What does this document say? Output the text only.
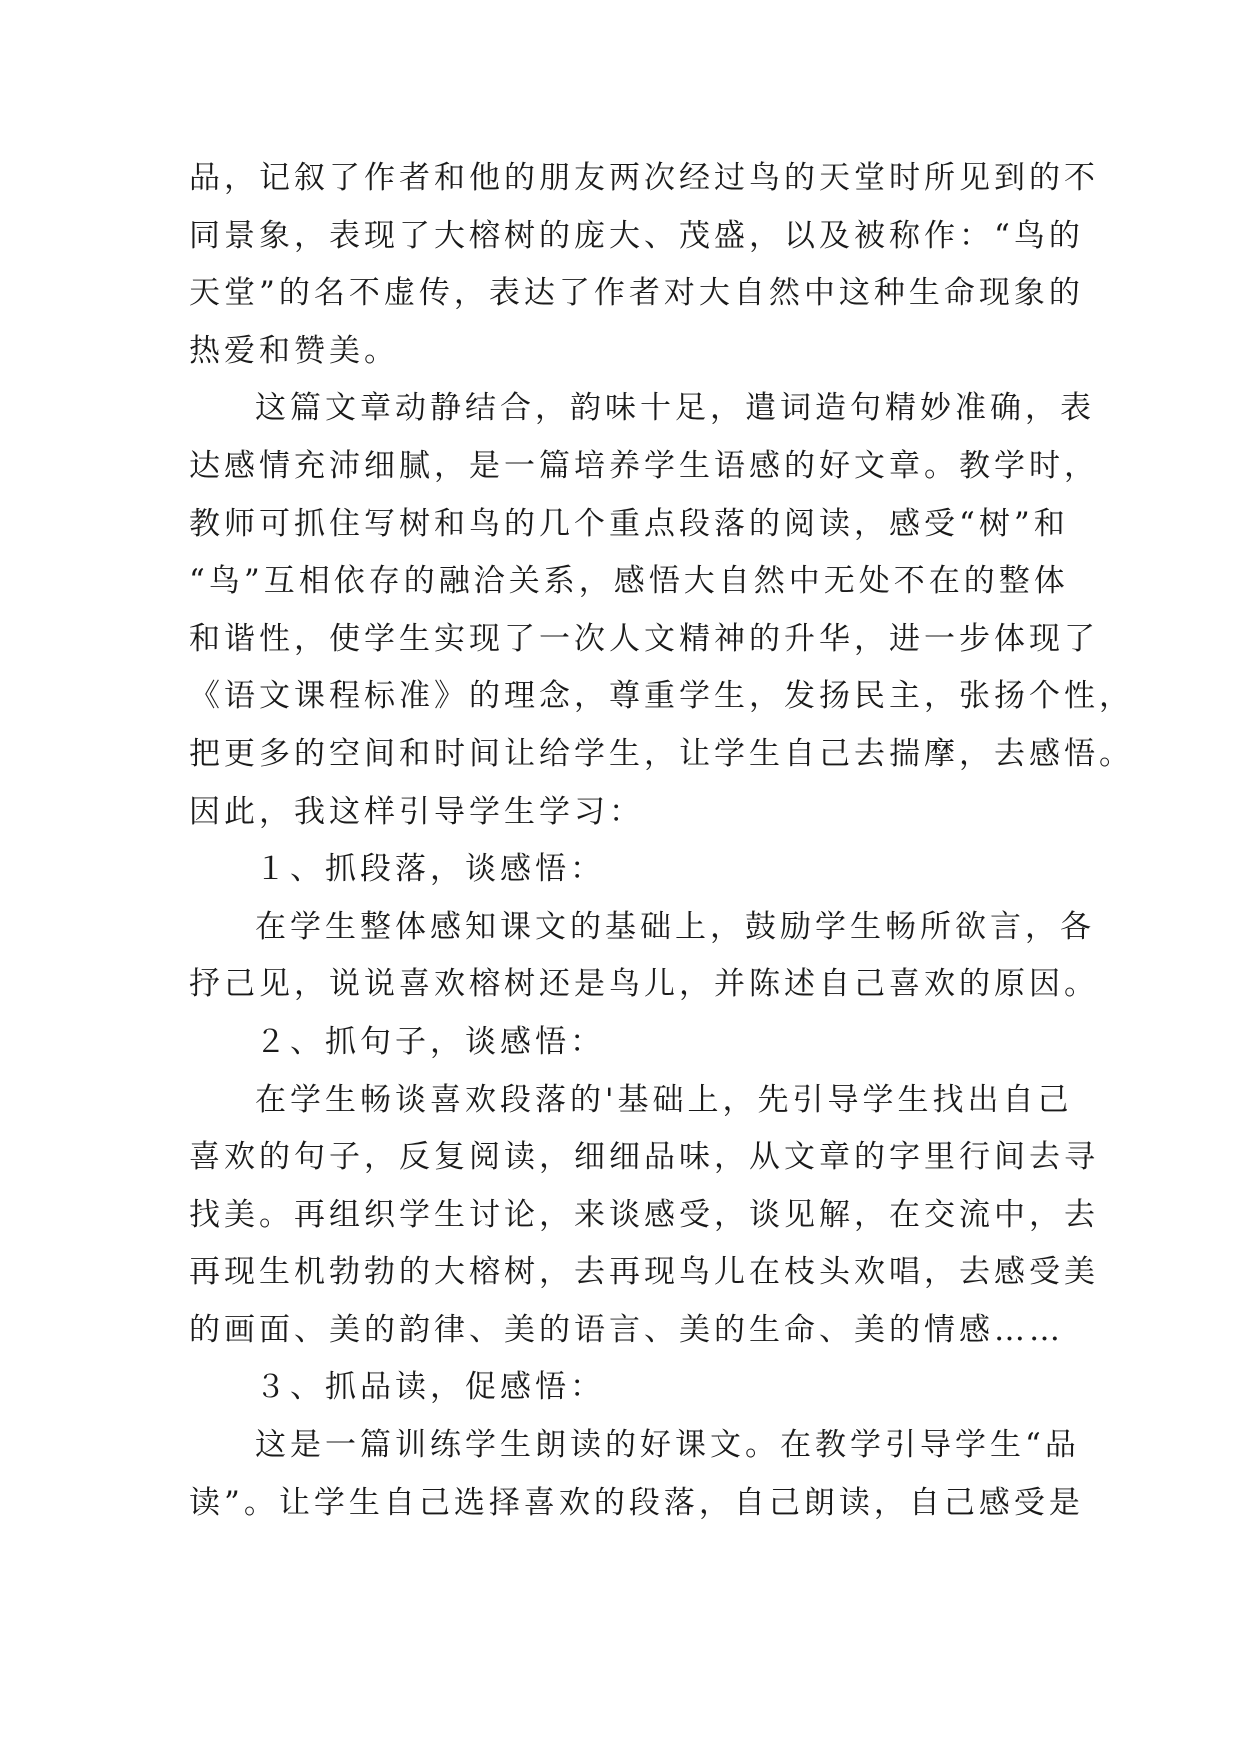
品，记叙了作者和他的朋友两次经过鸟的天堂时所见到的不
同景象，表现了大榕树的庞大、茂盛，以及被称作：“鸟的
天堂”的名不虚传，表达了作者对大自然中这种生命现象的
热爱和赞美。
这篇文章动静结合，韵味十足，遣词造句精妙准确，表
达感情充沛细腻，是一篇培养学生语感的好文章。教学时，
教师可抓住写树和鸟的几个重点段落的阅读，感受“树”和
“鸟”互相依存的融洽关系，感悟大自然中无处不在的整体
和谐性，使学生实现了一次人文精神的升华，进一步体现了
《语文课程标准》的理念，尊重学生，发扬民主，张扬个性，
把更多的空间和时间让给学生，让学生自己去揣摩，去感悟。
因此，我这样引导学生学习：
１、抓段落，谈感悟：
在学生整体感知课文的基础上，鼓励学生畅所欲言，各
抒己见，说说喜欢榕树还是鸟儿，并陈述自己喜欢的原因。
２、抓句子，谈感悟：
在学生畅谈喜欢段落的'基础上，先引导学生找出自己
喜欢的句子，反复阅读，细细品味，从文章的字里行间去寻
找美。再组织学生讨论，来谈感受，谈见解，在交流中，去
再现生机勃勃的大榕树，去再现鸟儿在枝头欢唱，去感受美
的画面、美的韵律、美的语言、美的生命、美的情感……
３、抓品读，促感悟：
这是一篇训练学生朗读的好课文。在教学引导学生“品
读”。让学生自己选择喜欢的段落，自己朗读，自己感受是
